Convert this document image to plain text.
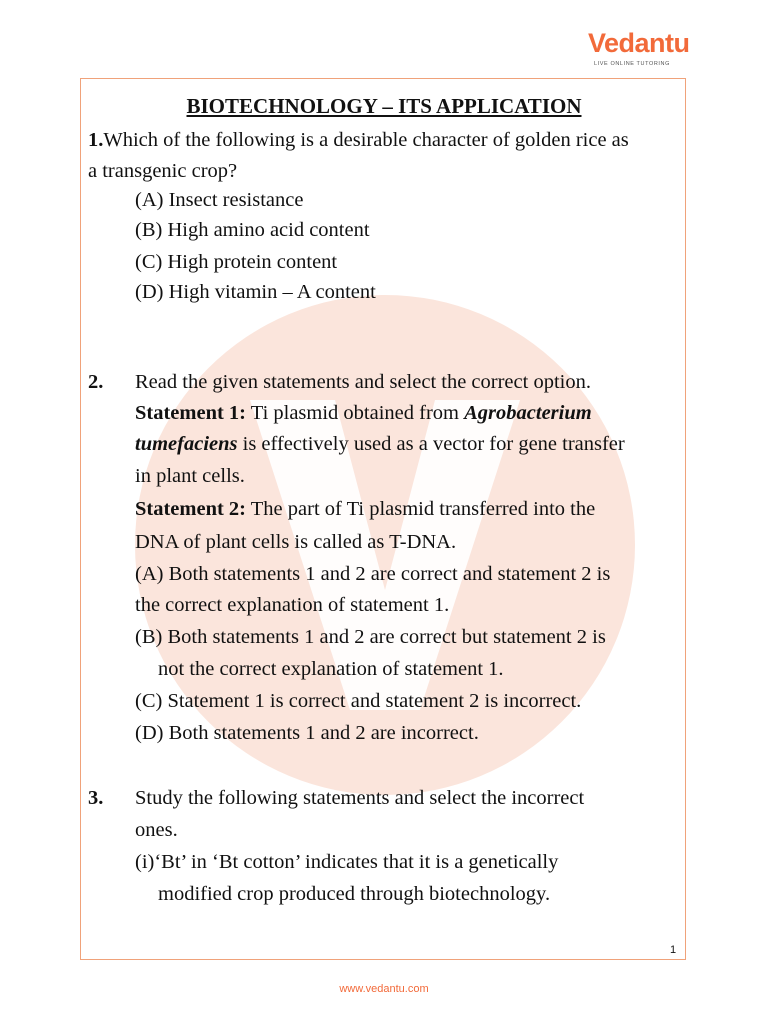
Vedantu
LIVE ONLINE TUTORING
BIOTECHNOLOGY – ITS APPLICATION
1.Which of the following is a desirable character of golden rice as
a transgenic crop?
(A) Insect resistance
(B) High amino acid content
(C) High protein content
(D) High vitamin – A content
2. Read the given statements and select the correct option.
Statement 1: Ti plasmid obtained from Agrobacterium
tumefaciens is effectively used as a vector for gene transfer
in plant cells.
Statement 2: The part of Ti plasmid transferred into the
DNA of plant cells is called as T-DNA.
(A) Both statements 1 and 2 are correct and statement 2 is
the correct explanation of statement 1.
(B) Both statements 1 and 2 are correct but statement 2 is
not the correct explanation of statement 1.
(C) Statement 1 is correct and statement 2 is incorrect.
(D) Both statements 1 and 2 are incorrect.
3. Study the following statements and select the incorrect
ones.
(i)‘Bt’ in ‘Bt cotton’ indicates that it is a genetically
modified crop produced through biotechnology.
1
www.vedantu.com
